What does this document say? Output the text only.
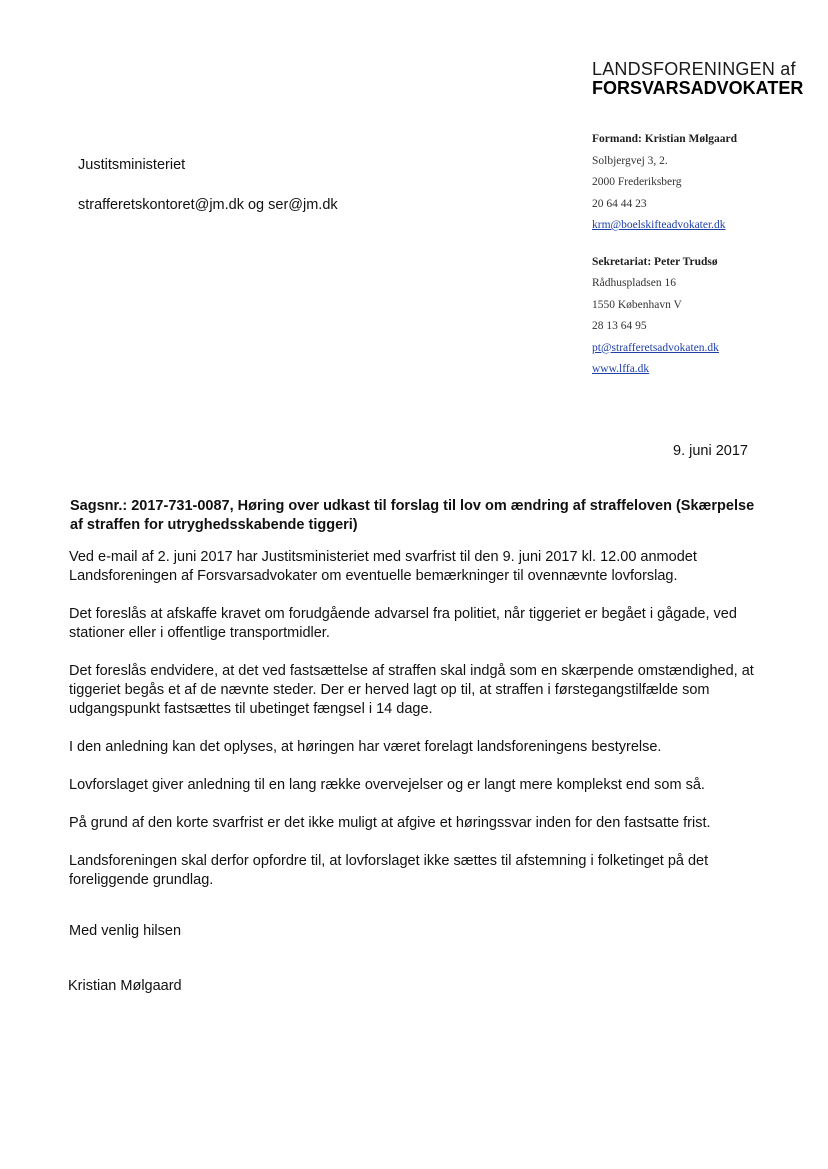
LANDSFORENINGEN af
FORSVARSADVOKATER
Formand: Kristian Mølgaard
Solbjergvej 3, 2.
2000 Frederiksberg
20 64 44 23
krm@boelskifteadvokater.dk
Sekretariat: Peter Trudsø
Rådhuspladsen 16
1550 København V
28 13 64 95
pt@strafferetsadvokaten.dk
www.lffa.dk
Justitsministeriet
strafferetskontoret@jm.dk og ser@jm.dk
9. juni 2017
Sagsnr.: 2017-731-0087, Høring over udkast til forslag til lov om ændring af straffeloven (Skærpelse af straffen for utryghedsskabende tiggeri)

Ved e-mail af 2. juni 2017 har Justitsministeriet med svarfrist til den 9. juni 2017 kl. 12.00 anmodet Landsforeningen af Forsvarsadvokater om eventuelle bemærkninger til ovennævnte lovforslag.

Det foreslås at afskaffe kravet om forudgående advarsel fra politiet, når tiggeriet er begået i gågade, ved stationer eller i offentlige transportmidler.

Det foreslås endvidere, at det ved fastsættelse af straffen skal indgå som en skærpende omstændighed, at tiggeriet begås et af de nævnte steder. Der er herved lagt op til, at straffen i førstegangstilfælde som udgangspunkt fastsættes til ubetinget fængsel i 14 dage.

I den anledning kan det oplyses, at høringen har været forelagt landsforeningens bestyrelse.

Lovforslaget giver anledning til en lang række overvejelser og er langt mere komplekst end som så.

På grund af den korte svarfrist er det ikke muligt at afgive et høringssvar inden for den fastsatte frist.

Landsforeningen skal derfor opfordre til, at lovforslaget ikke sættes til afstemning i folketinget på det foreliggende grundlag.

Med venlig hilsen
Kristian Mølgaard
